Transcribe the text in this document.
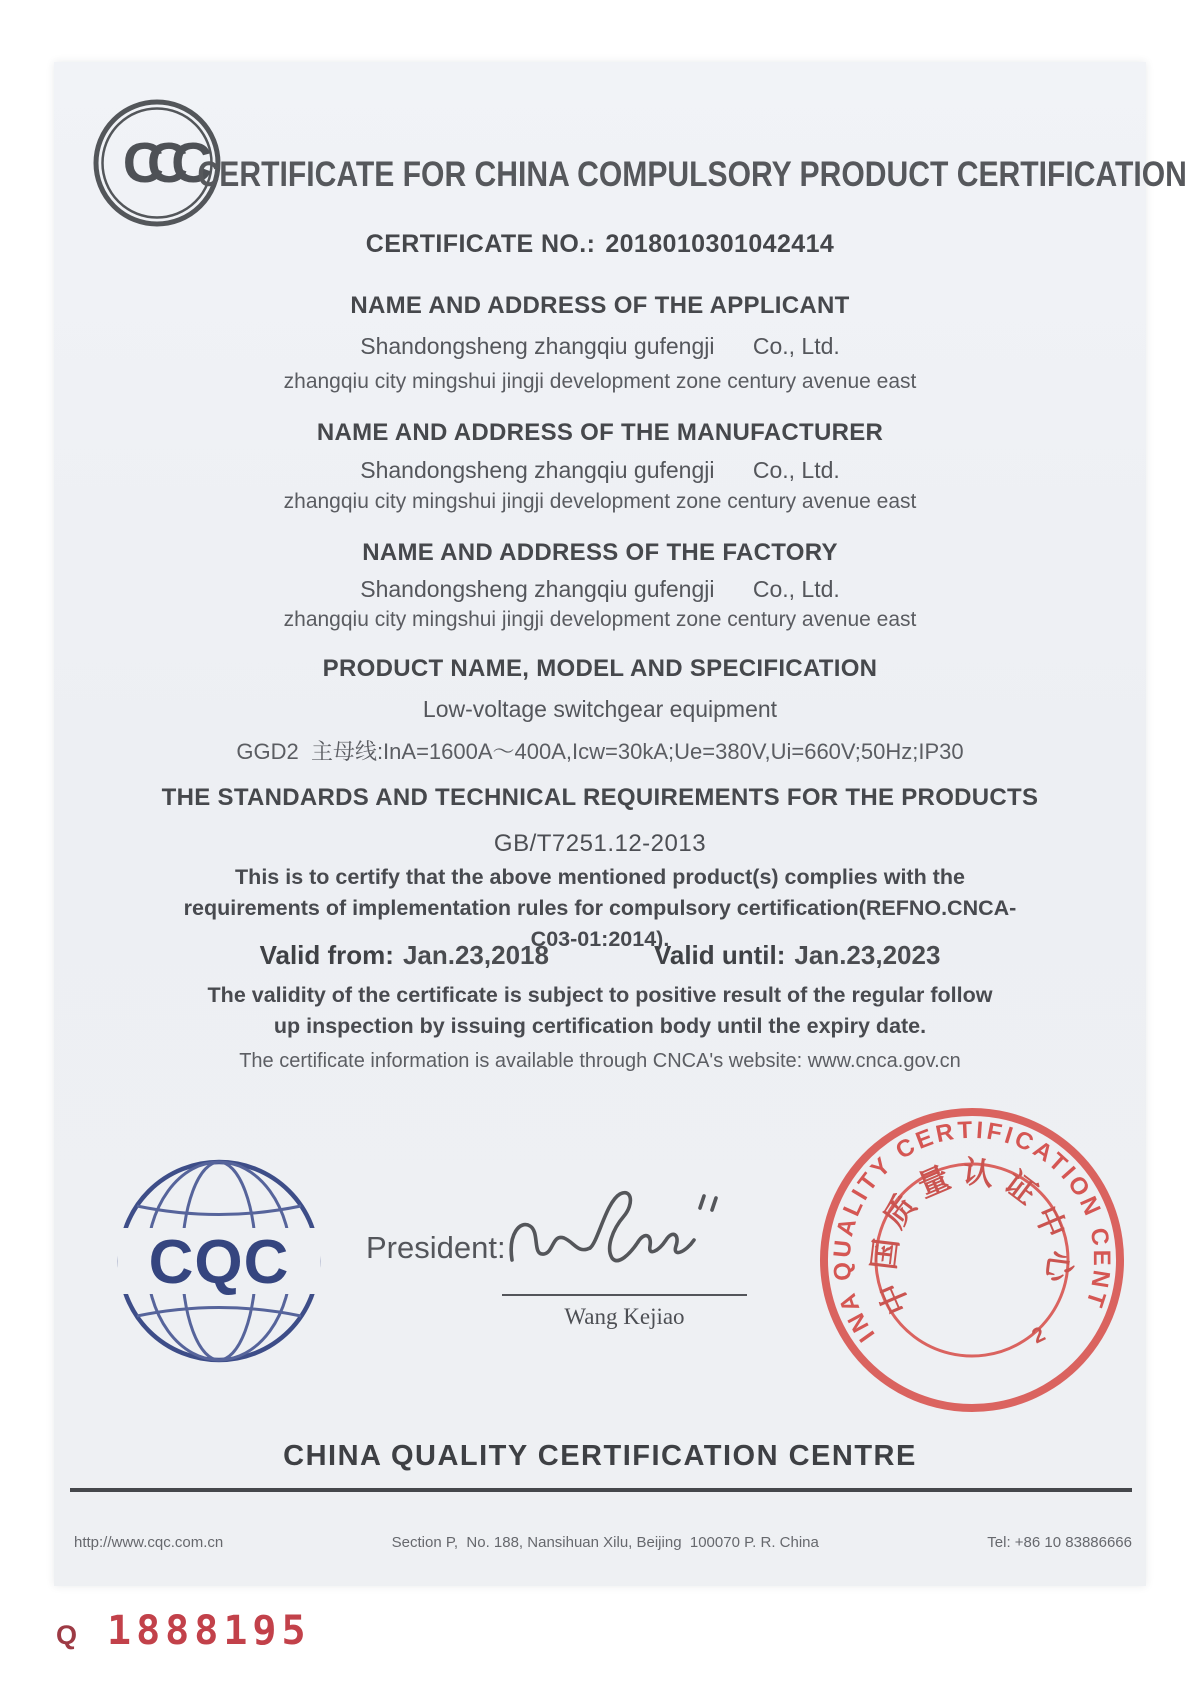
CCC CERTIFICATE FOR CHINA COMPULSORY PRODUCT CERTIFICATION
CERTIFICATE NO.: 2018010301042414
NAME AND ADDRESS OF THE APPLICANT
Shandongsheng zhangqiu gufengji      Co., Ltd.
zhangqiu city mingshui jingji development zone century avenue east
NAME AND ADDRESS OF THE MANUFACTURER
Shandongsheng zhangqiu gufengji      Co., Ltd.
zhangqiu city mingshui jingji development zone century avenue east
NAME AND ADDRESS OF THE FACTORY
Shandongsheng zhangqiu gufengji      Co., Ltd.
zhangqiu city mingshui jingji development zone century avenue east
PRODUCT NAME, MODEL AND SPECIFICATION
Low-voltage switchgear equipment
GGD2  主母线:InA=1600A～400A,Icw=30kA;Ue=380V,Ui=660V;50Hz;IP30
THE STANDARDS AND TECHNICAL REQUIREMENTS FOR THE PRODUCTS
GB/T7251.12-2013
This is to certify that the above mentioned product(s) complies with the requirements of implementation rules for compulsory certification(REFNO.CNCA-C03-01:2014).
Valid from: Jan.23,2018	Valid until: Jan.23,2023
The validity of the certificate is subject to positive result of the regular follow up inspection by issuing certification body until the expiry date.
The certificate information is available through CNCA's website: www.cnca.gov.cn
CQC President:
Wang Kejiao
CHINA QUALITY CERTIFICATION CENTRE
中国质量认证中心
2
CHINA QUALITY CERTIFICATION CENTRE
http://www.cqc.com.cn	Section P,  No. 188, Nansihuan Xilu, Beijing  100070 P. R. China	Tel: +86 10 83886666
Q 1888195
